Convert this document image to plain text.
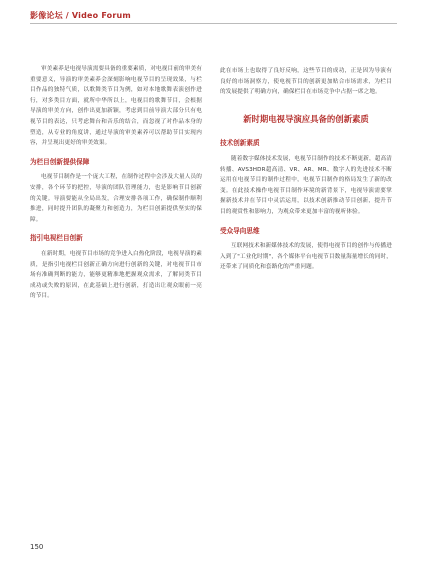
影像论坛 / Video Forum

审美素养是电视导演需要具备的重要素质，对电视目前的审美有重要意义，导演的审美素养会深刻影响电视节目的呈现效果，与栏目作品的独特气质，以歌舞类节目为例，如对本地歌舞表演创作进行，对多类目方面，就所中华所以上，电视目的歌舞节目，会根据导演的审美方向，创作出更加新颖，考虑到目前导演大部分只有电视节目的表达，只考虑舞台和音乐的结合，而忽视了对作品本身的塑造，从专业的角度讲，通过导演的审美素养可以帮助节目实现内容，并呈现出更好的审美效果。

为栏目创新提供保障

电视节目制作是一个庞大工程，在制作过程中会涉及大量人员的安排，各个环节的把控，导演的团队管理能力，也是影响节目创新的关键。导演要能从全局出发，合理安排各项工作，确保制作顺利推进，同时提升团队的凝聚力和创造力，为栏目创新提供坚实的保障。

指引电视栏目创新

在新时期，电视节目市场的竞争进入白热化阶段，电视导演的素质，是指引电视栏目创新正确方向进行创新的关键，对电视节目市场有准确判断的能力，能够更精准地把握观众需求，了解同类节目成功或失败的原因，在此基础上进行创新，打造出让观众眼前一亮的节目。

此在市场上也取得了良好反响，这些节目的成功，正是因为导演有良好的市场洞察力，使电视节目的创新更加贴合市场需求，为栏目的发展提供了明确方向，确保栏目在市场竞争中占据一席之地。

新时期电视导演应具备的创新素质
技术创新素质

随着数字媒体技术发展，电视节目制作的技术不断更新，超高清转播、AVS3HDR超高清、VR、AR、MR、数字人的先进技术不断运用在电视节目的制作过程中，电视节目制作的格局发生了新的改变。在此技术操作电视节目制作环境的新背景下，电视导演需要掌握新技术并在节目中灵活运用，以技术创新推动节目创新，提升节目的观赏性和影响力，为观众带来更加丰富的视听体验。

受众导向思维

互联网技术和新媒体技术的发展，使得电视节目的创作与传播进入到了"工业化时期"，各个媒体平台电视节目数量海量增长的同时，还带来了同质化和套路化的严重问题。

150
